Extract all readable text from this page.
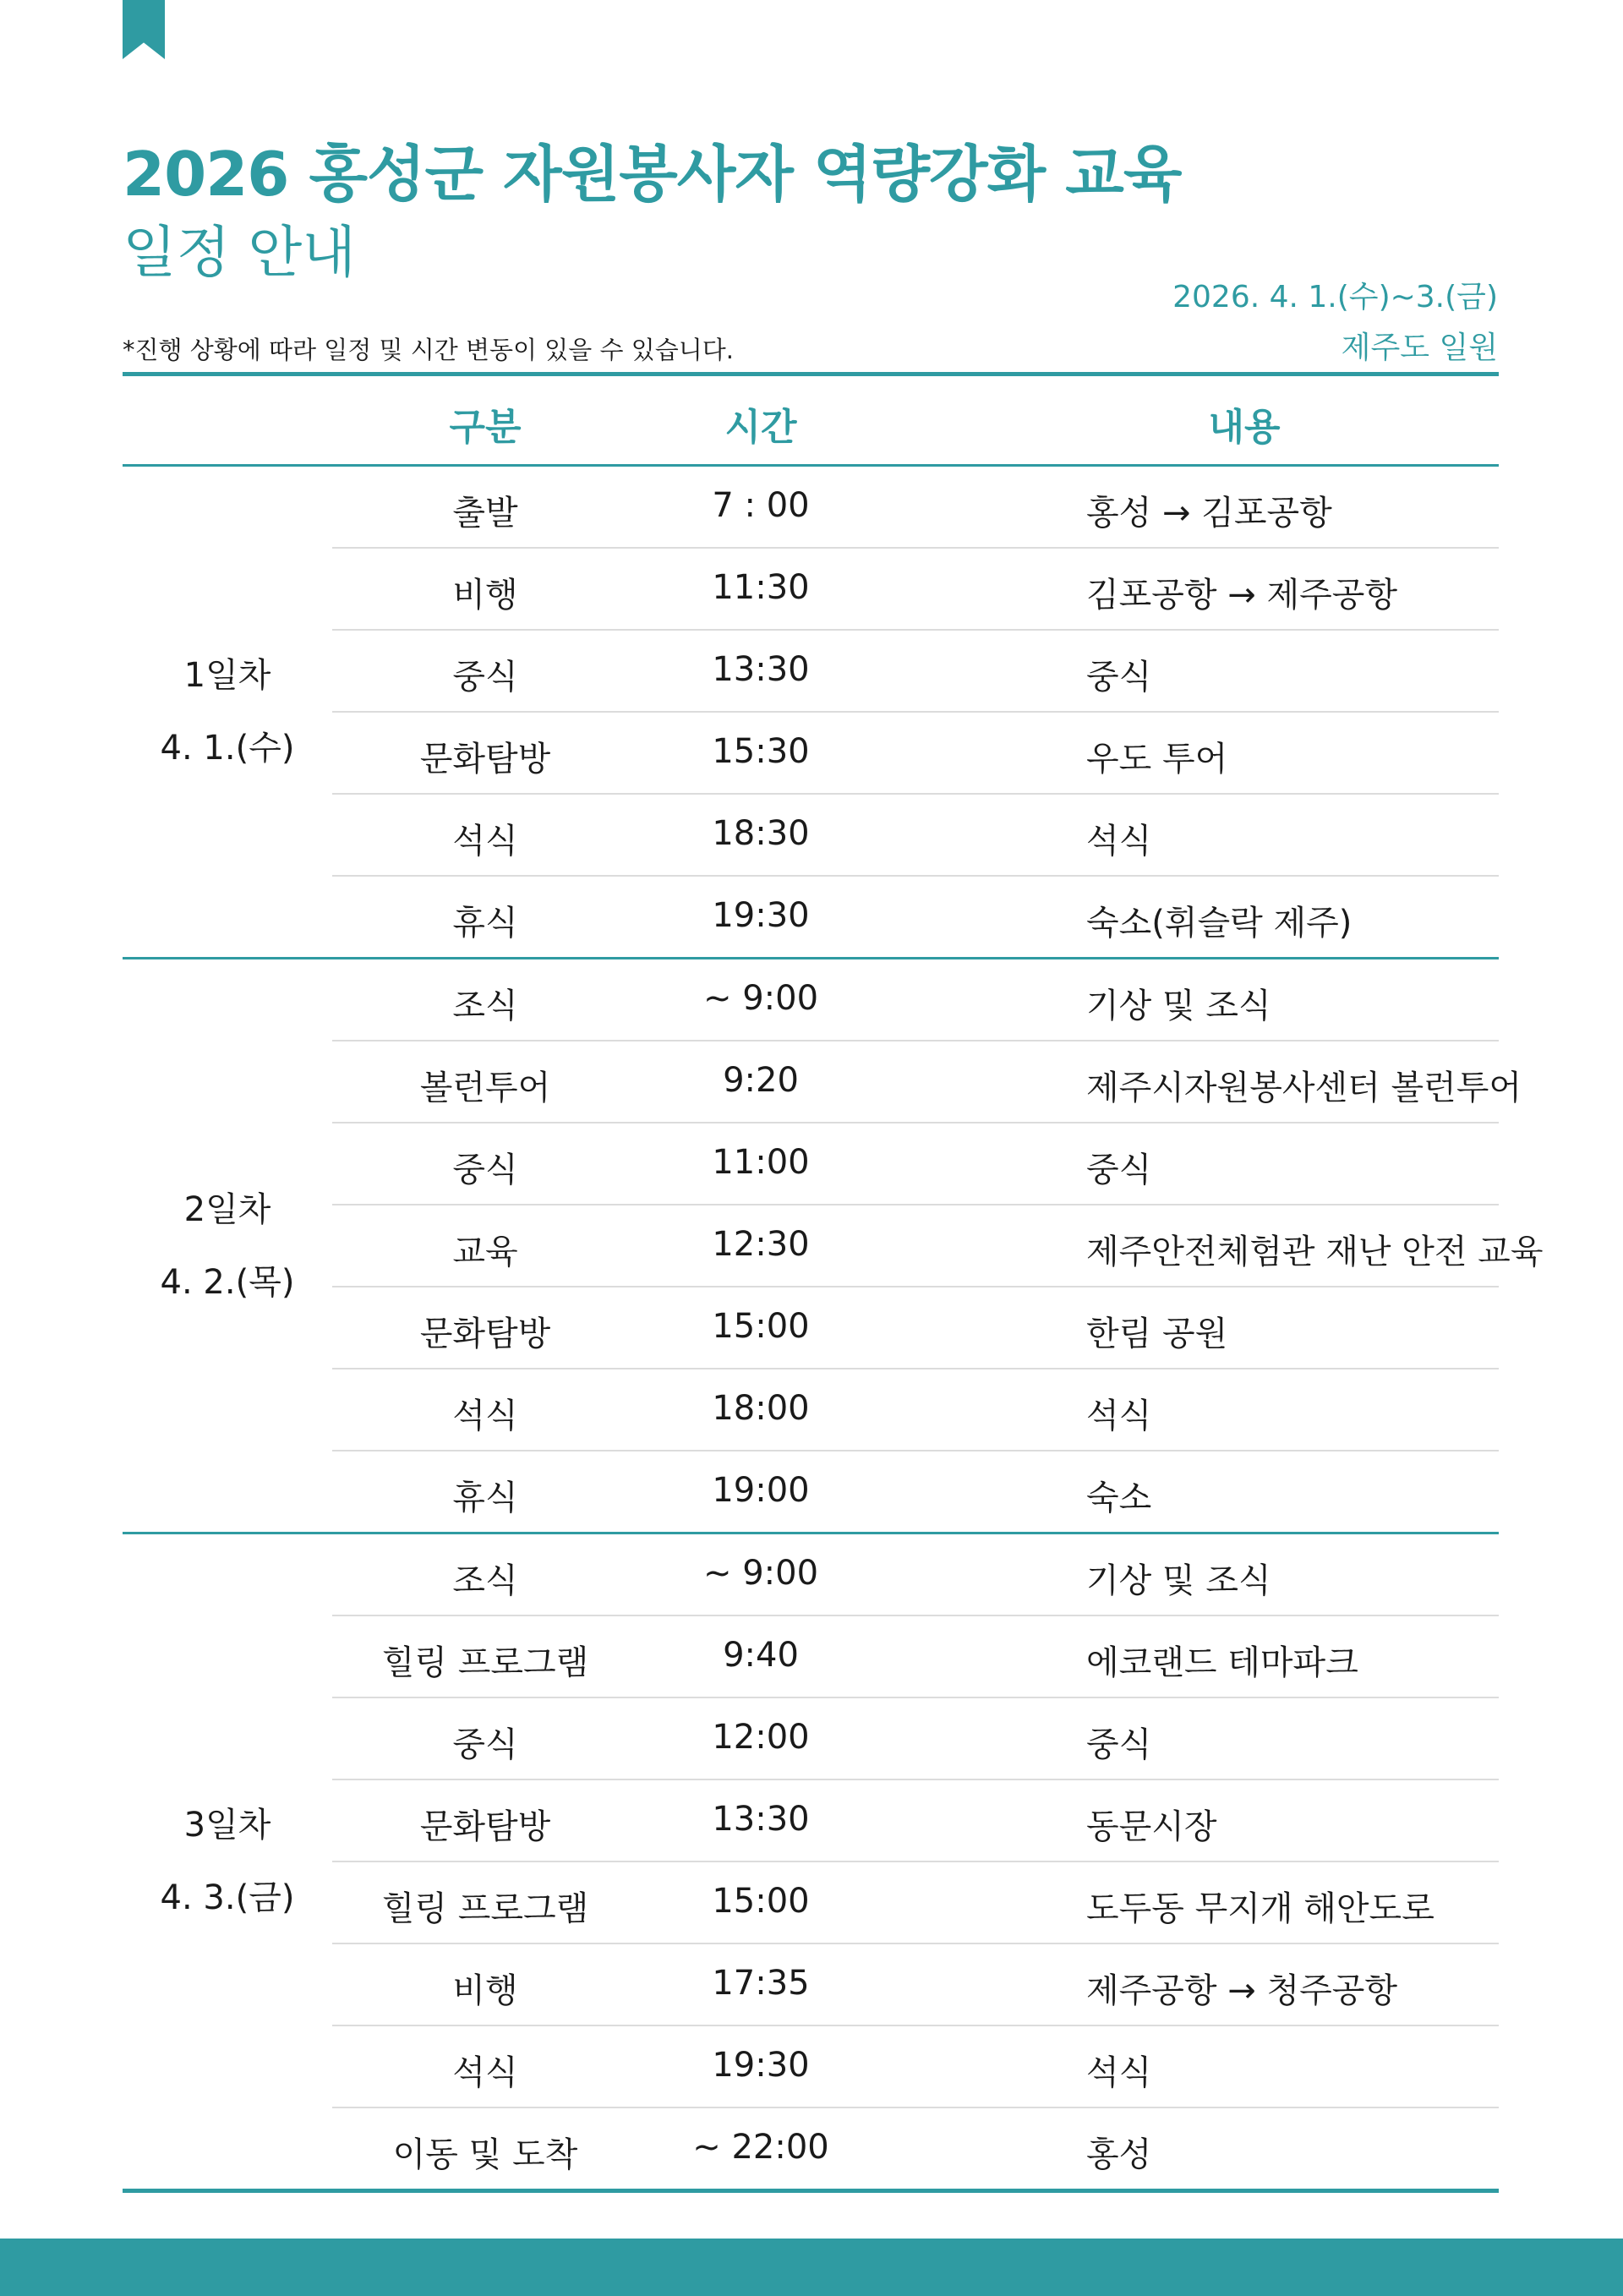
2026 홍성군 자원봉사자 역량강화 교육
일정 안내
2026. 4. 1.(수)~3.(금)
제주도 일원
*진행 상황에 따라 일정 및 시간 변동이 있을 수 있습니다.
구분	시간	내용
1일차
4. 1.(수)
출발	7 : 00	홍성 → 김포공항
비행	11:30	김포공항 → 제주공항
중식	13:30	중식
문화탐방	15:30	우도 투어
석식	18:30	석식
휴식	19:30	숙소(휘슬락 제주)
2일차
4. 2.(목)
조식	~ 9:00	기상 및 조식
볼런투어	9:20	제주시자원봉사센터 볼런투어
중식	11:00	중식
교육	12:30	제주안전체험관 재난 안전 교육
문화탐방	15:00	한림 공원
석식	18:00	석식
휴식	19:00	숙소
3일차
4. 3.(금)
조식	~ 9:00	기상 및 조식
힐링 프로그램	9:40	에코랜드 테마파크
중식	12:00	중식
문화탐방	13:30	동문시장
힐링 프로그램	15:00	도두동 무지개 해안도로
비행	17:35	제주공항 → 청주공항
석식	19:30	석식
이동 및 도착	~ 22:00	홍성
